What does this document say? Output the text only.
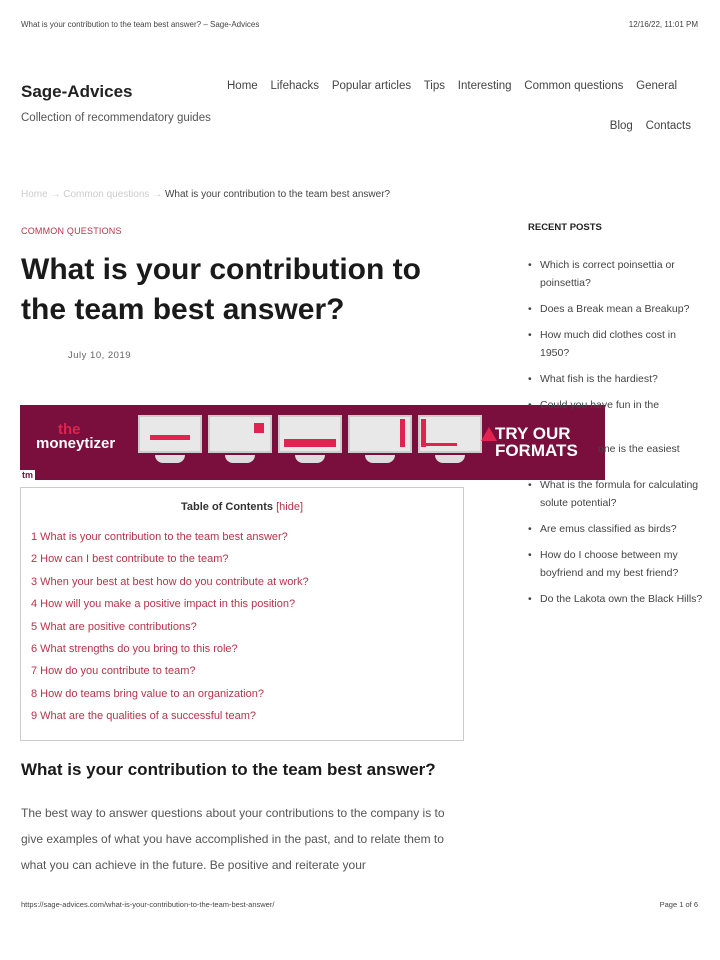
What is your contribution to the team best answer? – Sage-Advices	12/16/22, 11:01 PM
Sage-Advices
Collection of recommendatory guides
Home Lifehacks Popular articles Tips Interesting Common questions General
Blog Contacts
Home → Common questions → What is your contribution to the team best answer?
COMMON QUESTIONS
What is your contribution to the team best answer?
July 10, 2019
the
moneytizer
TRY OUR
FORMATS
tm
Table of Contents [hide]
1 What is your contribution to the team best answer?
2 How can I best contribute to the team?
3 When your best at best how do you contribute at work?
4 How will you make a positive impact in this position?
5 What are positive contributions?
6 What strengths do you bring to this role?
7 How do you contribute to team?
8 How do teams bring value to an organization?
9 What are the qualities of a successful team?
What is your contribution to the team best answer?

The best way to answer questions about your contributions to the company is to give examples of what you have accomplished in the past, and to relate them to what you can achieve in the future. Be positive and reiterate your

RECENT POSTS
• Which is correct poinsettia or poinsettia?
• Does a Break mean a Breakup?
• How much did clothes cost in 1950?
• What fish is the hardiest?
• Could you have fun in the
• one is the easiest
• What is the formula for calculating solute potential?
• Are emus classified as birds?
• How do I choose between my boyfriend and my best friend?
• Do the Lakota own the Black Hills?
https://sage-advices.com/what-is-your-contribution-to-the-team-best-answer/	Page 1 of 6
